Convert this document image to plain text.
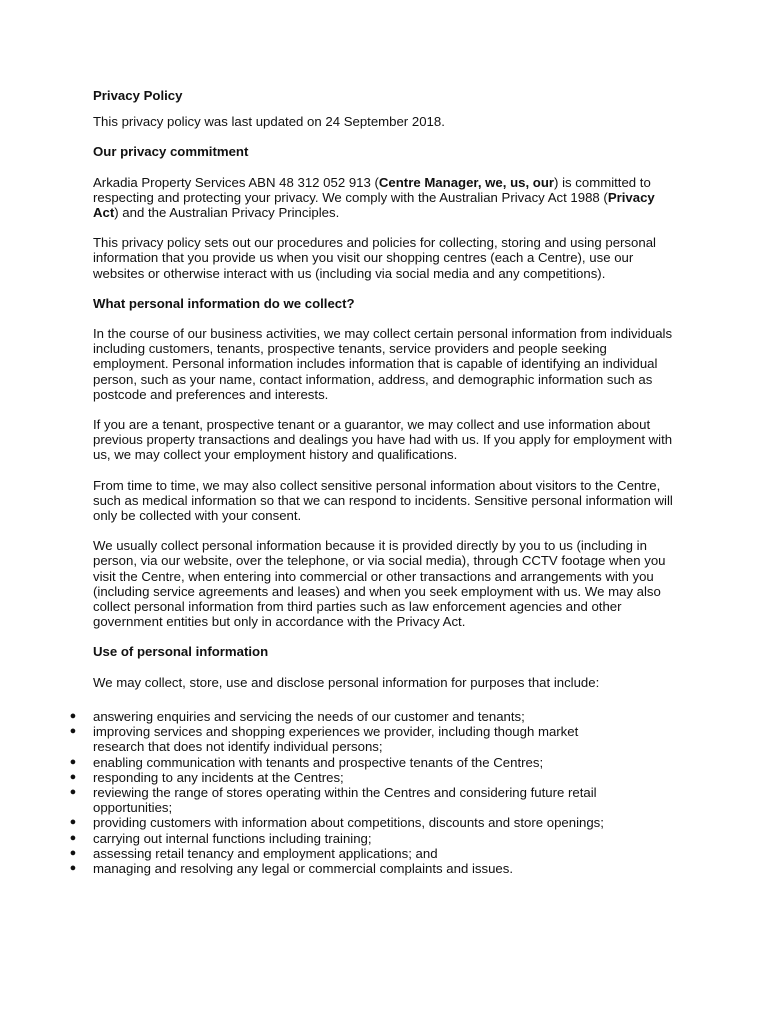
Privacy Policy

This privacy policy was last updated on 24 September 2018.

Our privacy commitment

Arkadia Property Services ABN 48 312 052 913 (Centre Manager, we, us, our) is committed to respecting and protecting your privacy. We comply with the Australian Privacy Act 1988 (Privacy Act) and the Australian Privacy Principles.

This privacy policy sets out our procedures and policies for collecting, storing and using personal information that you provide us when you visit our shopping centres (each a Centre), use our websites or otherwise interact with us (including via social media and any competitions).

What personal information do we collect?

In the course of our business activities, we may collect certain personal information from individuals including customers, tenants, prospective tenants, service providers and people seeking employment. Personal information includes information that is capable of identifying an individual person, such as your name, contact information, address, and demographic information such as postcode and preferences and interests.

If you are a tenant, prospective tenant or a guarantor, we may collect and use information about previous property transactions and dealings you have had with us. If you apply for employment with us, we may collect your employment history and qualifications.

From time to time, we may also collect sensitive personal information about visitors to the Centre, such as medical information so that we can respond to incidents. Sensitive personal information will only be collected with your consent.

We usually collect personal information because it is provided directly by you to us (including in person, via our website, over the telephone, or via social media), through CCTV footage when you visit the Centre, when entering into commercial or other transactions and arrangements with you (including service agreements and leases) and when you seek employment with us. We may also collect personal information from third parties such as law enforcement agencies and other government entities but only in accordance with the Privacy Act.

Use of personal information

We may collect, store, use and disclose personal information for purposes that include:

● answering enquiries and servicing the needs of our customer and tenants;
● improving services and shopping experiences we provider, including though market research that does not identify individual persons;
● enabling communication with tenants and prospective tenants of the Centres;
● responding to any incidents at the Centres;
● reviewing the range of stores operating within the Centres and considering future retail opportunities;
● providing customers with information about competitions, discounts and store openings;
● carrying out internal functions including training;
● assessing retail tenancy and employment applications; and
● managing and resolving any legal or commercial complaints and issues.
